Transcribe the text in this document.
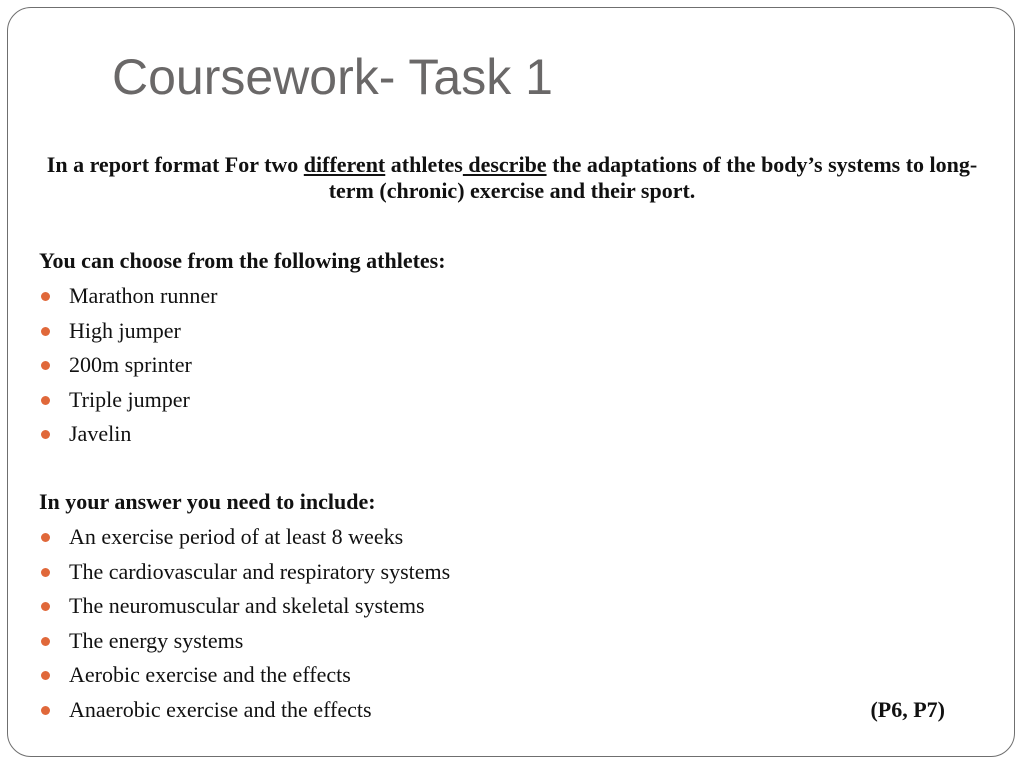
Coursework- Task 1

In a report format For two different athletes describe the adaptations of the body’s systems to long-term (chronic) exercise and their sport.

You can choose from the following athletes:

Marathon runner
High jumper
200m sprinter
Triple jumper
Javelin

In your answer you need to include:

An exercise period of at least 8 weeks
The cardiovascular and respiratory systems
The neuromuscular and skeletal systems
The energy systems
Aerobic exercise and the effects
Anaerobic exercise and the effects	(P6, P7)
